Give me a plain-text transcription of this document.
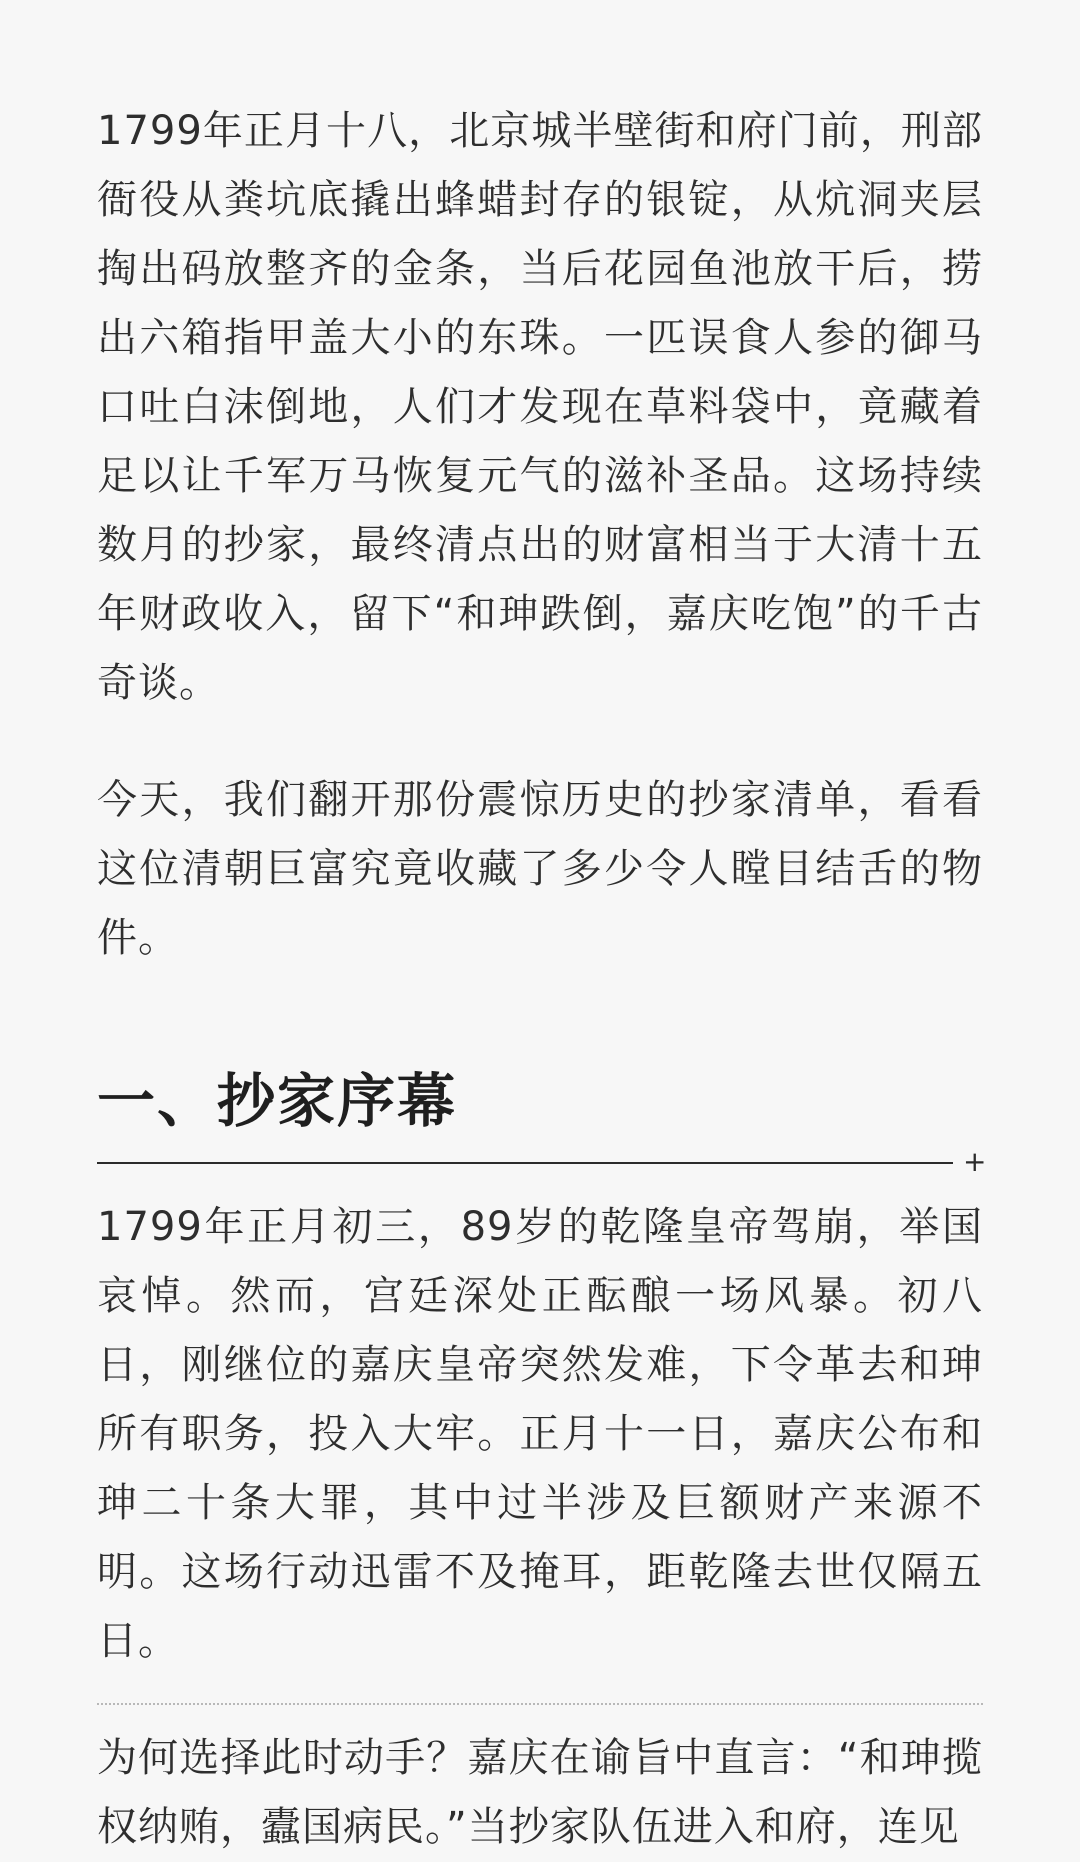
1799年正月十八，北京城半壁街和府门前，刑部衙役从粪坑底撬出蜂蜡封存的银锭，从炕洞夹层掏出码放整齐的金条，当后花园鱼池放干后，捞出六箱指甲盖大小的东珠。一匹误食人参的御马口吐白沫倒地，人们才发现在草料袋中，竟藏着足以让千军万马恢复元气的滋补圣品。这场持续数月的抄家，最终清点出的财富相当于大清十五年财政收入，留下“和珅跌倒，嘉庆吃饱”的千古奇谈。

今天，我们翻开那份震惊历史的抄家清单，看看这位清朝巨富究竟收藏了多少令人瞠目结舌的物件。

一、抄家序幕
+

1799年正月初三，89岁的乾隆皇帝驾崩，举国哀悼。然而，宫廷深处正酝酿一场风暴。初八日，刚继位的嘉庆皇帝突然发难，下令革去和珅所有职务，投入大牢。正月十一日，嘉庆公布和珅二十条大罪，其中过半涉及巨额财产来源不明。这场行动迅雷不及掩耳，距乾隆去世仅隔五日。

为何选择此时动手？嘉庆在谕旨中直言：“和珅揽权纳贿，蠹国病民。”当抄家队伍进入和府，连见
